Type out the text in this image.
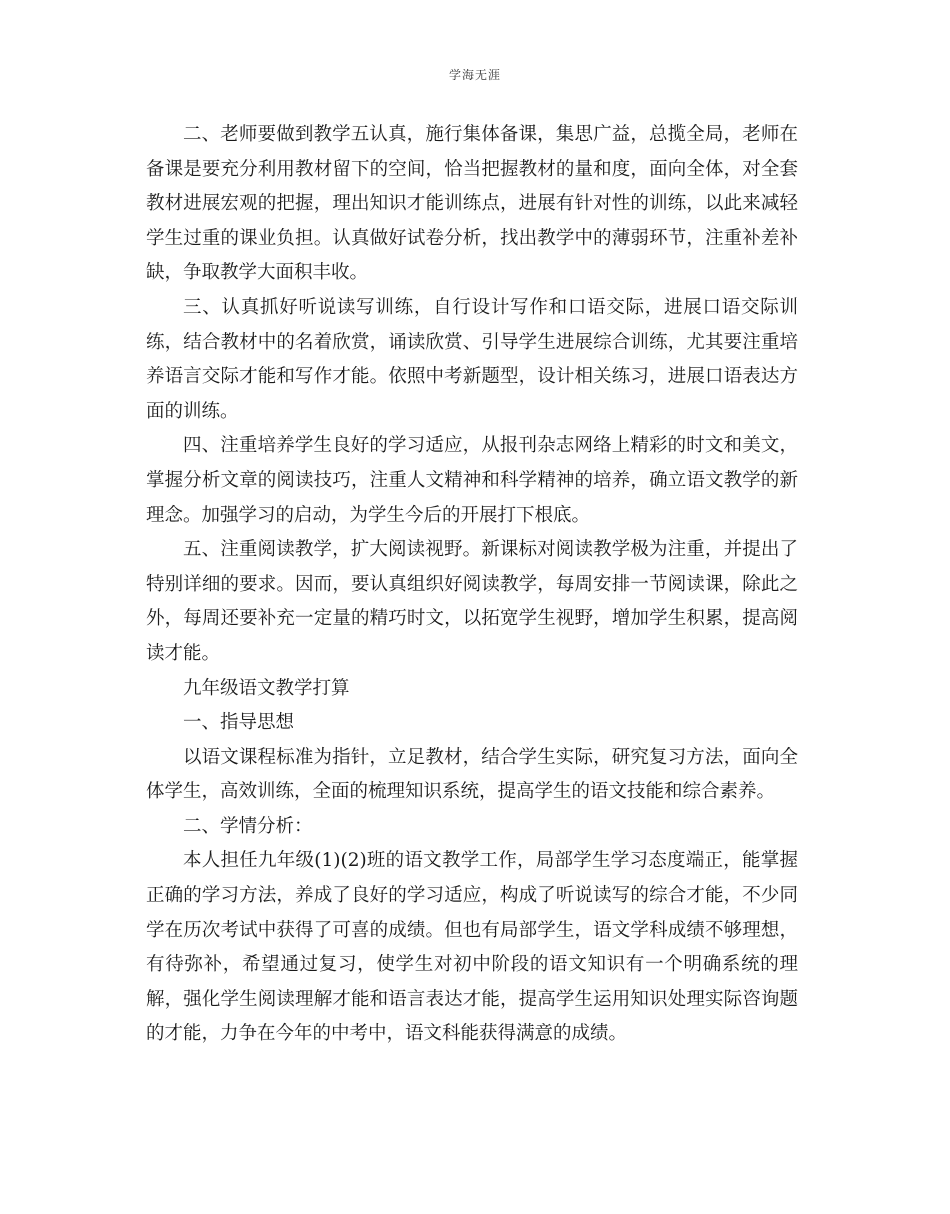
学海无涯

二、老师要做到教学五认真，施行集体备课，集思广益，总揽全局，老师在备课是要充分利用教材留下的空间，恰当把握教材的量和度，面向全体，对全套教材进展宏观的把握，理出知识才能训练点，进展有针对性的训练，以此来减轻学生过重的课业负担。认真做好试卷分析，找出教学中的薄弱环节，注重补差补缺，争取教学大面积丰收。

三、认真抓好听说读写训练，自行设计写作和口语交际，进展口语交际训练，结合教材中的名着欣赏，诵读欣赏、引导学生进展综合训练，尤其要注重培养语言交际才能和写作才能。依照中考新题型，设计相关练习，进展口语表达方面的训练。

四、注重培养学生良好的学习适应，从报刊杂志网络上精彩的时文和美文，掌握分析文章的阅读技巧，注重人文精神和科学精神的培养，确立语文教学的新理念。加强学习的启动，为学生今后的开展打下根底。

五、注重阅读教学，扩大阅读视野。新课标对阅读教学极为注重，并提出了特别详细的要求。因而，要认真组织好阅读教学，每周安排一节阅读课，除此之外，每周还要补充一定量的精巧时文，以拓宽学生视野，增加学生积累，提高阅读才能。

九年级语文教学打算

一、指导思想

以语文课程标准为指针，立足教材，结合学生实际，研究复习方法，面向全体学生，高效训练，全面的梳理知识系统，提高学生的语文技能和综合素养。

二、学情分析：

本人担任九年级(1)(2)班的语文教学工作，局部学生学习态度端正，能掌握正确的学习方法，养成了良好的学习适应，构成了听说读写的综合才能，不少同学在历次考试中获得了可喜的成绩。但也有局部学生，语文学科成绩不够理想，有待弥补，希望通过复习，使学生对初中阶段的语文知识有一个明确系统的理解，强化学生阅读理解才能和语言表达才能，提高学生运用知识处理实际咨询题的才能，力争在今年的中考中，语文科能获得满意的成绩。
